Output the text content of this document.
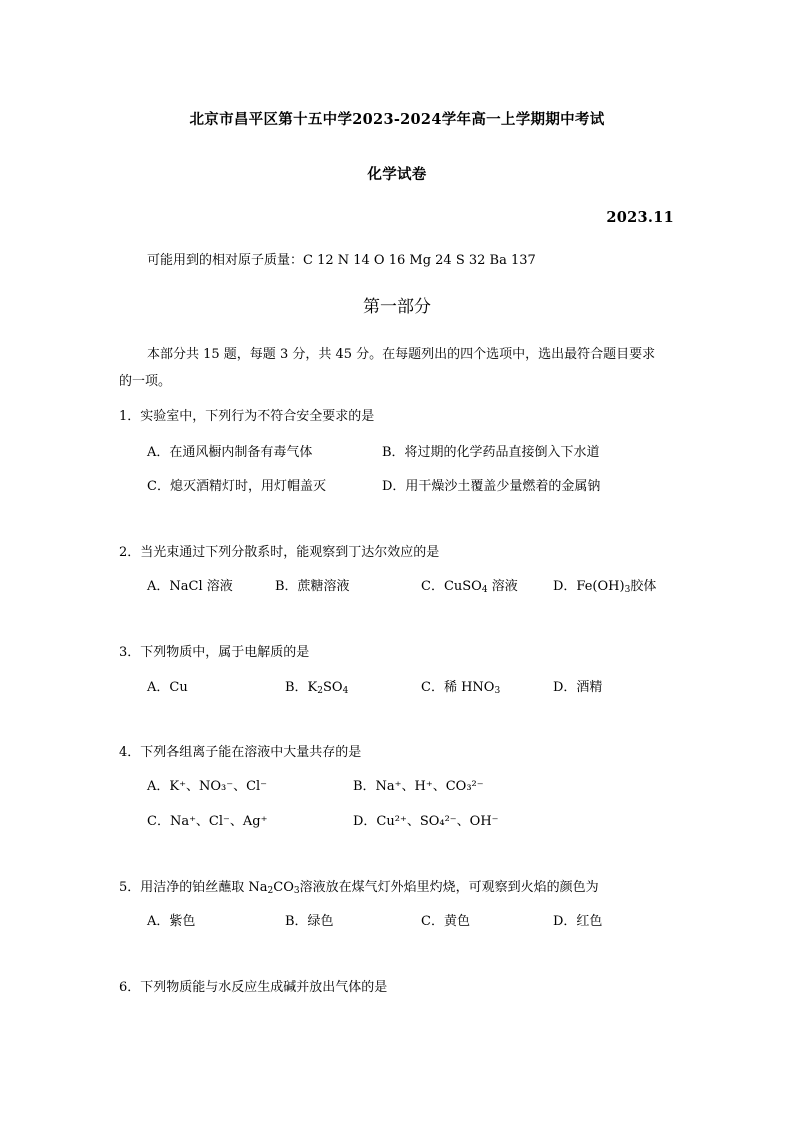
北京市昌平区第十五中学2023-2024学年高一上学期期中考试
化学试卷
2023.11
可能用到的相对原子质量：C 12 N 14 O 16 Mg 24 S 32 Ba 137
第一部分
本部分共 15 题，每题 3 分，共 45 分。在每题列出的四个选项中，选出最符合题目要求
的一项。
1．实验室中，下列行为不符合安全要求的是
A．在通风橱内制备有毒气体	B．将过期的化学药品直接倒入下水道
C．熄灭酒精灯时，用灯帽盖灭	D．用干燥沙土覆盖少量燃着的金属钠
2．当光束通过下列分散系时，能观察到丁达尔效应的是
A．NaCl 溶液	B．蔗糖溶液	C．CuSO$_4$ 溶液	D．$Fe(OH)_3$胶体
3．下列物质中，属于电解质的是
A．Cu	B．$K_2SO_4$	C．稀 $HNO_3$	D．酒精
4．下列各组离子能在溶液中大量共存的是
A．K⁺、NO₃⁻、Cl⁻	B．Na⁺、H⁺、CO₃²⁻
C．Na⁺、Cl⁻、Ag⁺	D．Cu²⁺、SO₄²⁻、OH⁻
5．用洁净的铂丝蘸取 $Na_2CO_3$溶液放在煤气灯外焰里灼烧，可观察到火焰的颜色为
A．紫色	B．绿色	C．黄色	D．红色
6．下列物质能与水反应生成碱并放出气体的是
